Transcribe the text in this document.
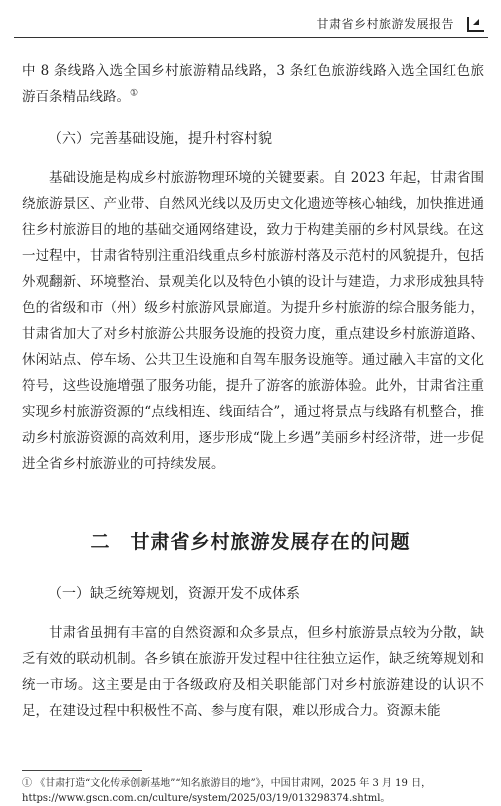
甘肃省乡村旅游发展报告

中 8 条线路入选全国乡村旅游精品线路，3 条红色旅游线路入选全国红色旅游百条精品线路。①

（六）完善基础设施，提升村容村貌

基础设施是构成乡村旅游物理环境的关键要素。自 2023 年起，甘肃省围绕旅游景区、产业带、自然风光线以及历史文化遗迹等核心轴线，加快推进通往乡村旅游目的地的基础交通网络建设，致力于构建美丽的乡村风景线。在这一过程中，甘肃省特别注重沿线重点乡村旅游村落及示范村的风貌提升，包括外观翻新、环境整治、景观美化以及特色小镇的设计与建造，力求形成独具特色的省级和市（州）级乡村旅游风景廊道。为提升乡村旅游的综合服务能力，甘肃省加大了对乡村旅游公共服务设施的投资力度，重点建设乡村旅游道路、休闲站点、停车场、公共卫生设施和自驾车服务设施等。通过融入丰富的文化符号，这些设施增强了服务功能，提升了游客的旅游体验。此外，甘肃省注重实现乡村旅游资源的“点线相连、线面结合”，通过将景点与线路有机整合，推动乡村旅游资源的高效利用，逐步形成“陇上乡遇”美丽乡村经济带，进一步促进全省乡村旅游业的可持续发展。

二　甘肃省乡村旅游发展存在的问题

（一）缺乏统筹规划，资源开发不成体系

甘肃省虽拥有丰富的自然资源和众多景点，但乡村旅游景点较为分散，缺乏有效的联动机制。各乡镇在旅游开发过程中往往独立运作，缺乏统筹规划和统一市场。这主要是由于各级政府及相关职能部门对乡村旅游建设的认识不足，在建设过程中积极性不高、参与度有限，难以形成合力。资源未能

① 《甘肃打造“文化传承创新基地”“知名旅游目的地”》，中国甘肃网，2025 年 3 月 19 日，https://www.gscn.com.cn/culture/system/2025/03/19/013298374.shtml。
